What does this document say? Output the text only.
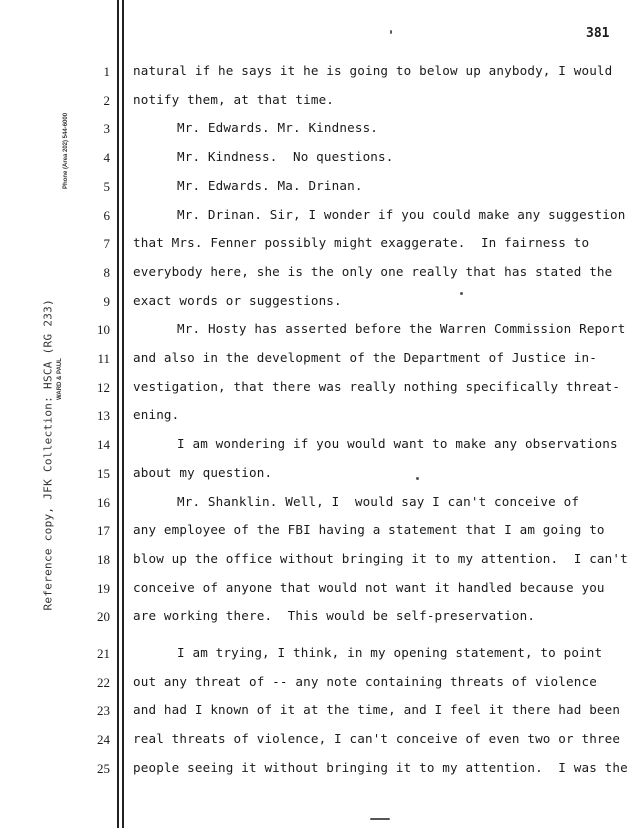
381
Phone (Area 202) 544-6000
Reference copy, JFK Collection: HSCA (RG 233) WARD & PAUL
1 natural if he says it he is going to below up anybody, I would
2 notify them, at that time.
3	Mr. Edwards. Mr. Kindness.
4	Mr. Kindness.  No questions.
5	Mr. Edwards. Ma. Drinan.
6	Mr. Drinan. Sir, I wonder if you could make any suggestion
7 that Mrs. Fenner possibly might exaggerate.  In fairness to
8 everybody here, she is the only one really that has stated the
9 exact words or suggestions.
10	Mr. Hosty has asserted before the Warren Commission Report
11 and also in the development of the Department of Justice in-
12 vestigation, that there was really nothing specifically threat-
13 ening.
14	I am wondering if you would want to make any observations
15 about my question.
16	Mr. Shanklin. Well, I  would say I can't conceive of
17 any employee of the FBI having a statement that I am going to
18 blow up the office without bringing it to my attention.  I can't
19 conceive of anyone that would not want it handled because you
20 are working there.  This would be self-preservation.
21	I am trying, I think, in my opening statement, to point
22 out any threat of -- any note containing threats of violence
23 and had I known of it at the time, and I feel it there had been
24 real threats of violence, I can't conceive of even two or three
25 people seeing it without bringing it to my attention.  I was the
